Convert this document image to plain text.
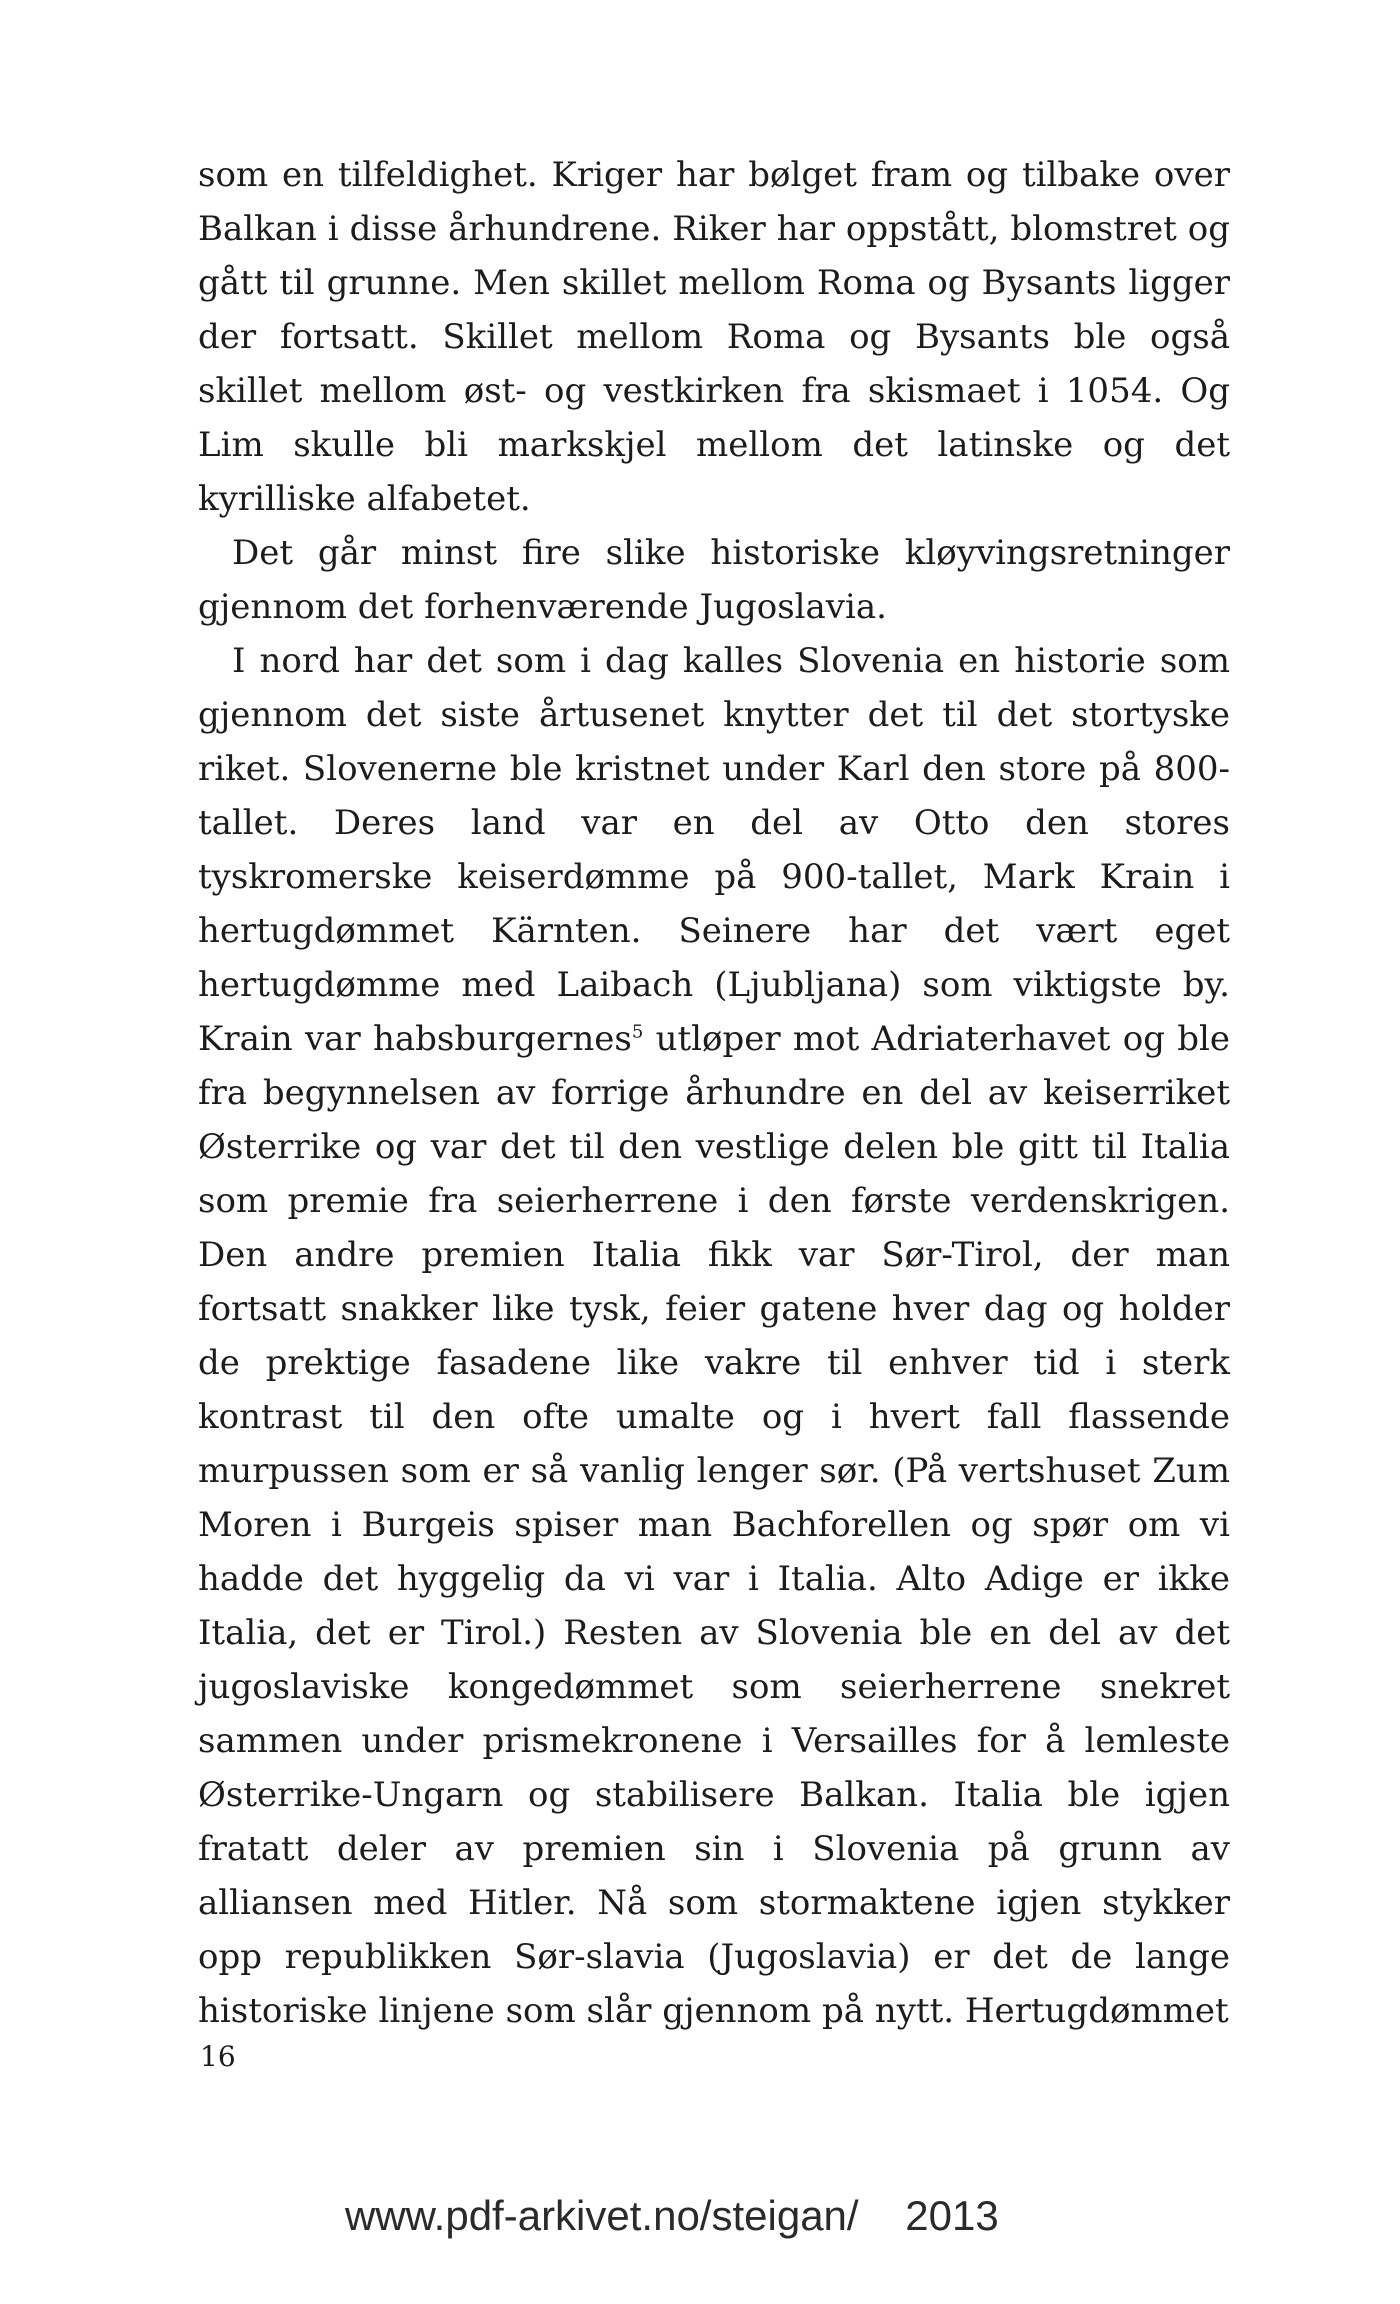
som en tilfeldighet. Kriger har bølget fram og tilbake over Balkan i disse århundrene. Riker har oppstått, blomstret og gått til grunne. Men skillet mellom Roma og Bysants ligger der fortsatt. Skillet mellom Roma og Bysants ble også skillet mellom øst- og vestkirken fra skismaet i 1054. Og Lim skulle bli markskjel mellom det latinske og det kyrilliske alfabetet.

Det går minst fire slike historiske kløyvingsretninger gjennom det forhenværende Jugoslavia.

I nord har det som i dag kalles Slovenia en historie som gjennom det siste årtusenet knytter det til det stortyske riket. Slovenerne ble kristnet under Karl den store på 800-tallet. Deres land var en del av Otto den stores tyskromerske keiserdømme på 900-tallet, Mark Krain i hertugdømmet Kärnten. Seinere har det vært eget hertugdømme med Laibach (Ljubljana) som viktigste by. Krain var habsburgernes$^5$ utløper mot Adriaterhavet og ble fra begynnelsen av forrige århundre en del av keiserriket Østerrike og var det til den vestlige delen ble gitt til Italia som premie fra seierherrene i den første verdenskrigen. Den andre premien Italia fikk var Sør-Tirol, der man fortsatt snakker like tysk, feier gatene hver dag og holder de prektige fasadene like vakre til enhver tid i sterk kontrast til den ofte umalte og i hvert fall flassende murpussen som er så vanlig lenger sør. (På vertshuset Zum Moren i Burgeis spiser man Bachforellen og spør om vi hadde det hyggelig da vi var i Italia. Alto Adige er ikke Italia, det er Tirol.) Resten av Slovenia ble en del av det jugoslaviske kongedømmet som seierherrene snekret sammen under prismekronene i Versailles for å lemleste Østerrike-Ungarn og stabilisere Balkan. Italia ble igjen fratatt deler av premien sin i Slovenia på grunn av alliansen med Hitler. Nå som stormaktene igjen stykker opp republikken Sør-slavia (Jugoslavia) er det de lange historiske linjene som slår gjennom på nytt. Hertugdømmet

16
www.pdf-arkivet.no/steigan/ 2013
